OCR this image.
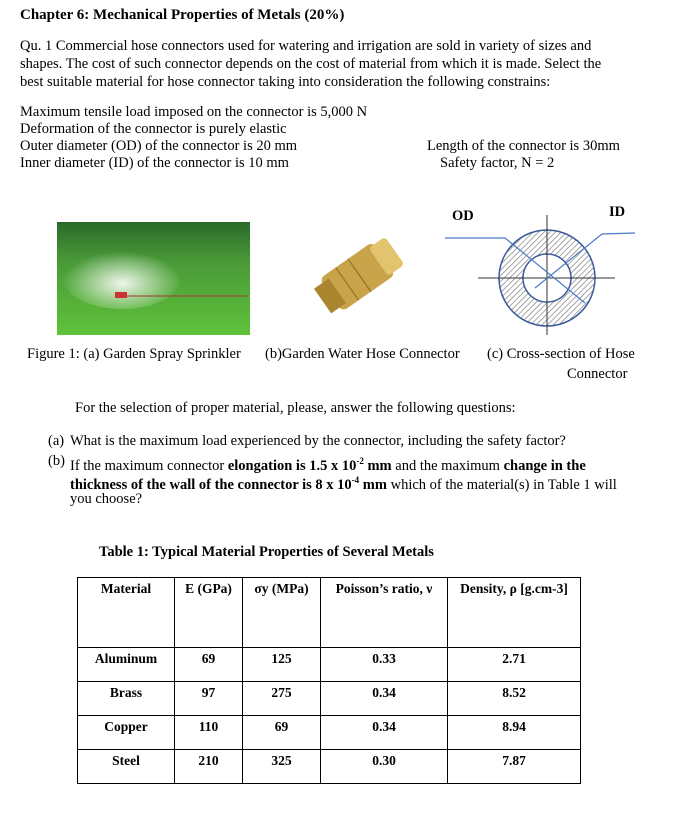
Chapter 6: Mechanical Properties of Metals (20%)
Qu. 1 Commercial hose connectors used for watering and irrigation are sold in variety of sizes and
shapes. The cost of such connector depends on the cost of material from which it is made. Select the
best suitable material for hose connector taking into consideration the following constrains:
Maximum tensile load imposed on the connector is 5,000 N
Deformation of the connector is purely elastic
Outer diameter (OD) of the connector is 20 mm
Inner diameter (ID) of the connector is 10 mm
Length of the connector is 30mm
Safety factor, N = 2
OD	ID
Figure 1: (a) Garden Spray Sprinkler (b)Garden Water Hose Connector (c) Cross-section of Hose
Connector
For the selection of proper material, please, answer the following questions:
(a) What is the maximum load experienced by the connector, including the safety factor?
(b) If the maximum connector elongation is 1.5 x $10^{-2}$ mm and the maximum change in the
thickness of the wall of the connector is 8 x $10^{-4}$ mm which of the material(s) in Table 1 will
you choose?
Table 1: Typical Material Properties of Several Metals
Material	E (GPa)	σy (MPa)	Poisson’s ratio, ν	Density, ρ [g.cm-3]
Aluminum	69	125	0.33	2.71
Brass	97	275	0.34	8.52
Copper	110	69	0.34	8.94
Steel	210	325	0.30	7.87
